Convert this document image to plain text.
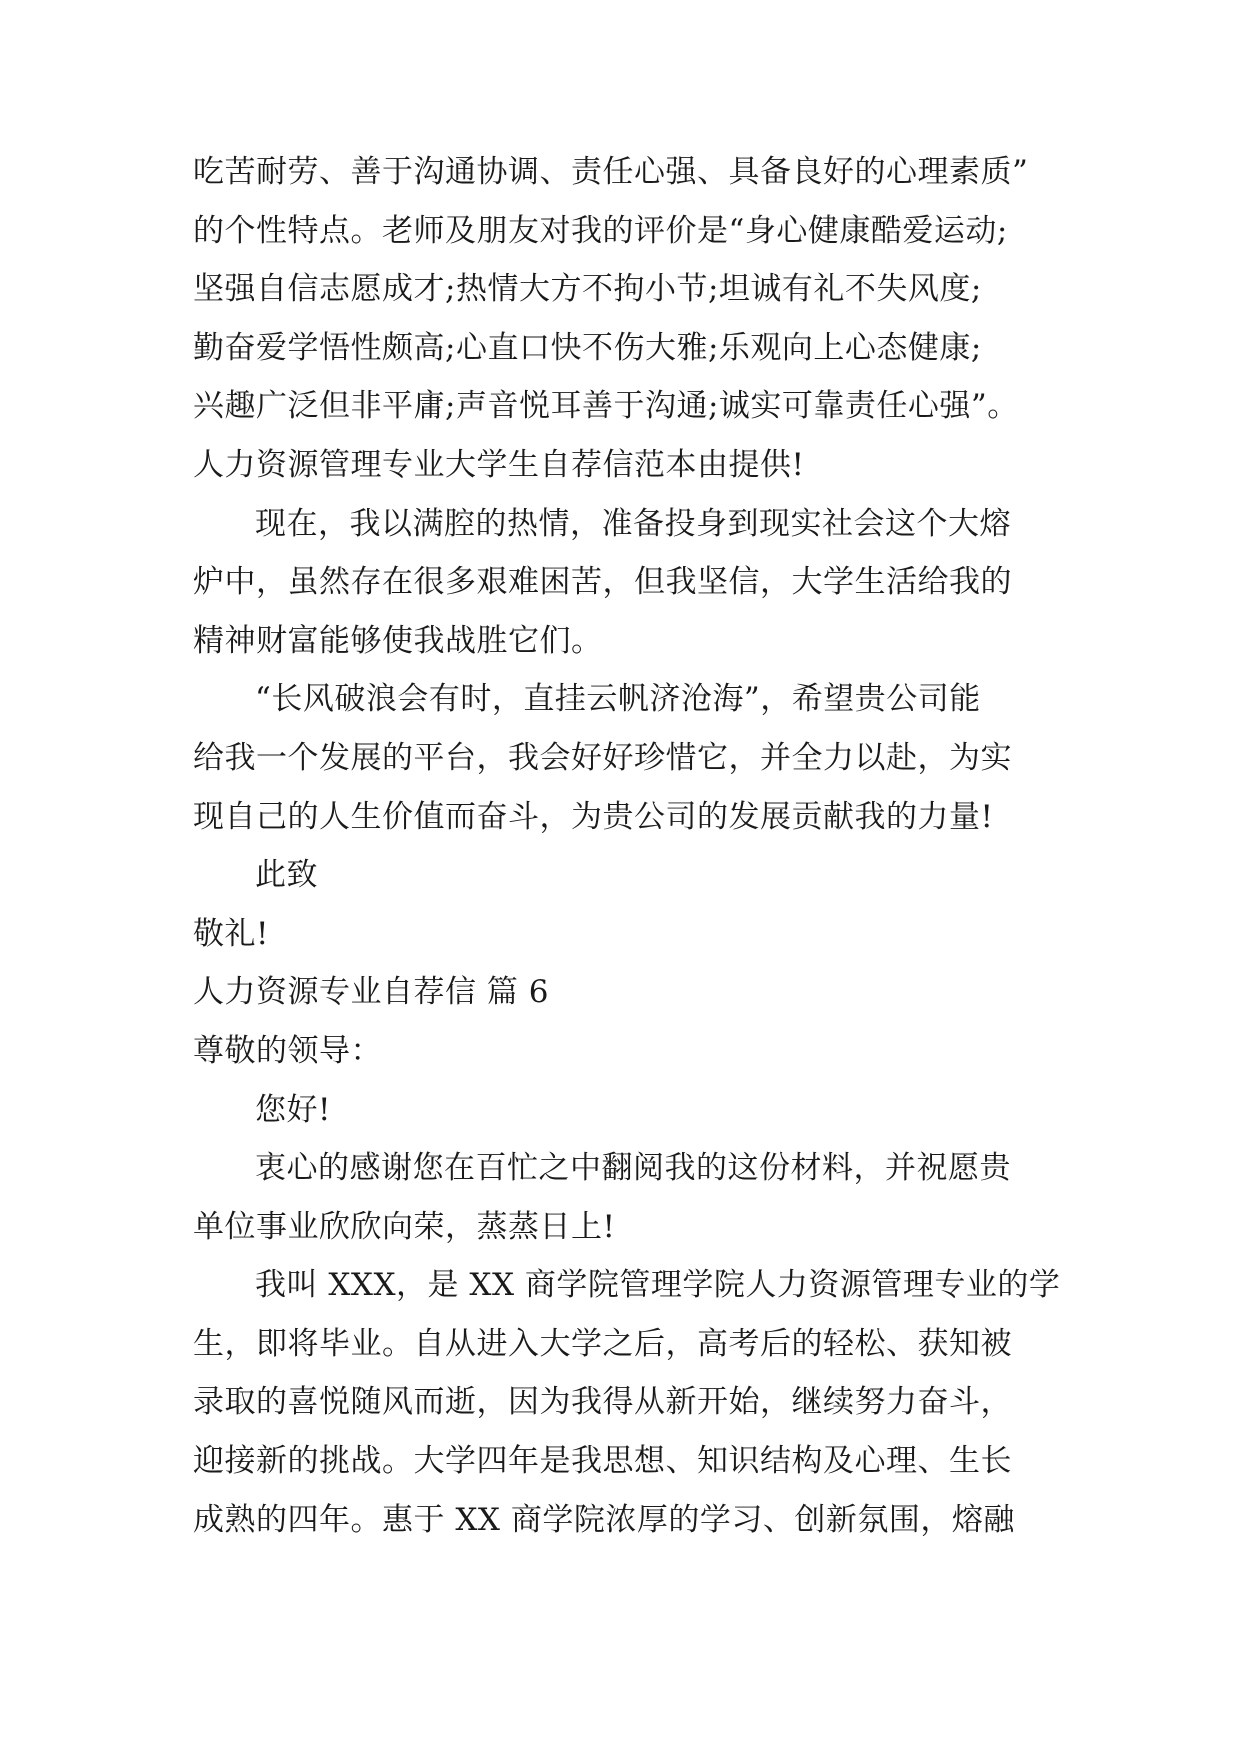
吃苦耐劳、善于沟通协调、责任心强、具备良好的心理素质”
的个性特点。老师及朋友对我的评价是“身心健康酷爱运动;
坚强自信志愿成才;热情大方不拘小节;坦诚有礼不失风度;
勤奋爱学悟性颇高;心直口快不伤大雅;乐观向上心态健康;
兴趣广泛但非平庸;声音悦耳善于沟通;诚实可靠责任心强”。
人力资源管理专业大学生自荐信范本由提供!
现在，我以满腔的热情，准备投身到现实社会这个大熔
炉中，虽然存在很多艰难困苦，但我坚信，大学生活给我的
精神财富能够使我战胜它们。
“长风破浪会有时，直挂云帆济沧海”，希望贵公司能
给我一个发展的平台，我会好好珍惜它，并全力以赴，为实
现自己的人生价值而奋斗，为贵公司的发展贡献我的力量!
此致
敬礼!
人力资源专业自荐信 篇 6
尊敬的领导：
您好!
衷心的感谢您在百忙之中翻阅我的这份材料，并祝愿贵
单位事业欣欣向荣，蒸蒸日上!
我叫 XXX，是 XX 商学院管理学院人力资源管理专业的学
生，即将毕业。自从进入大学之后，高考后的轻松、获知被
录取的喜悦随风而逝，因为我得从新开始，继续努力奋斗，
迎接新的挑战。大学四年是我思想、知识结构及心理、生长
成熟的四年。惠于 XX 商学院浓厚的学习、创新氛围，熔融
